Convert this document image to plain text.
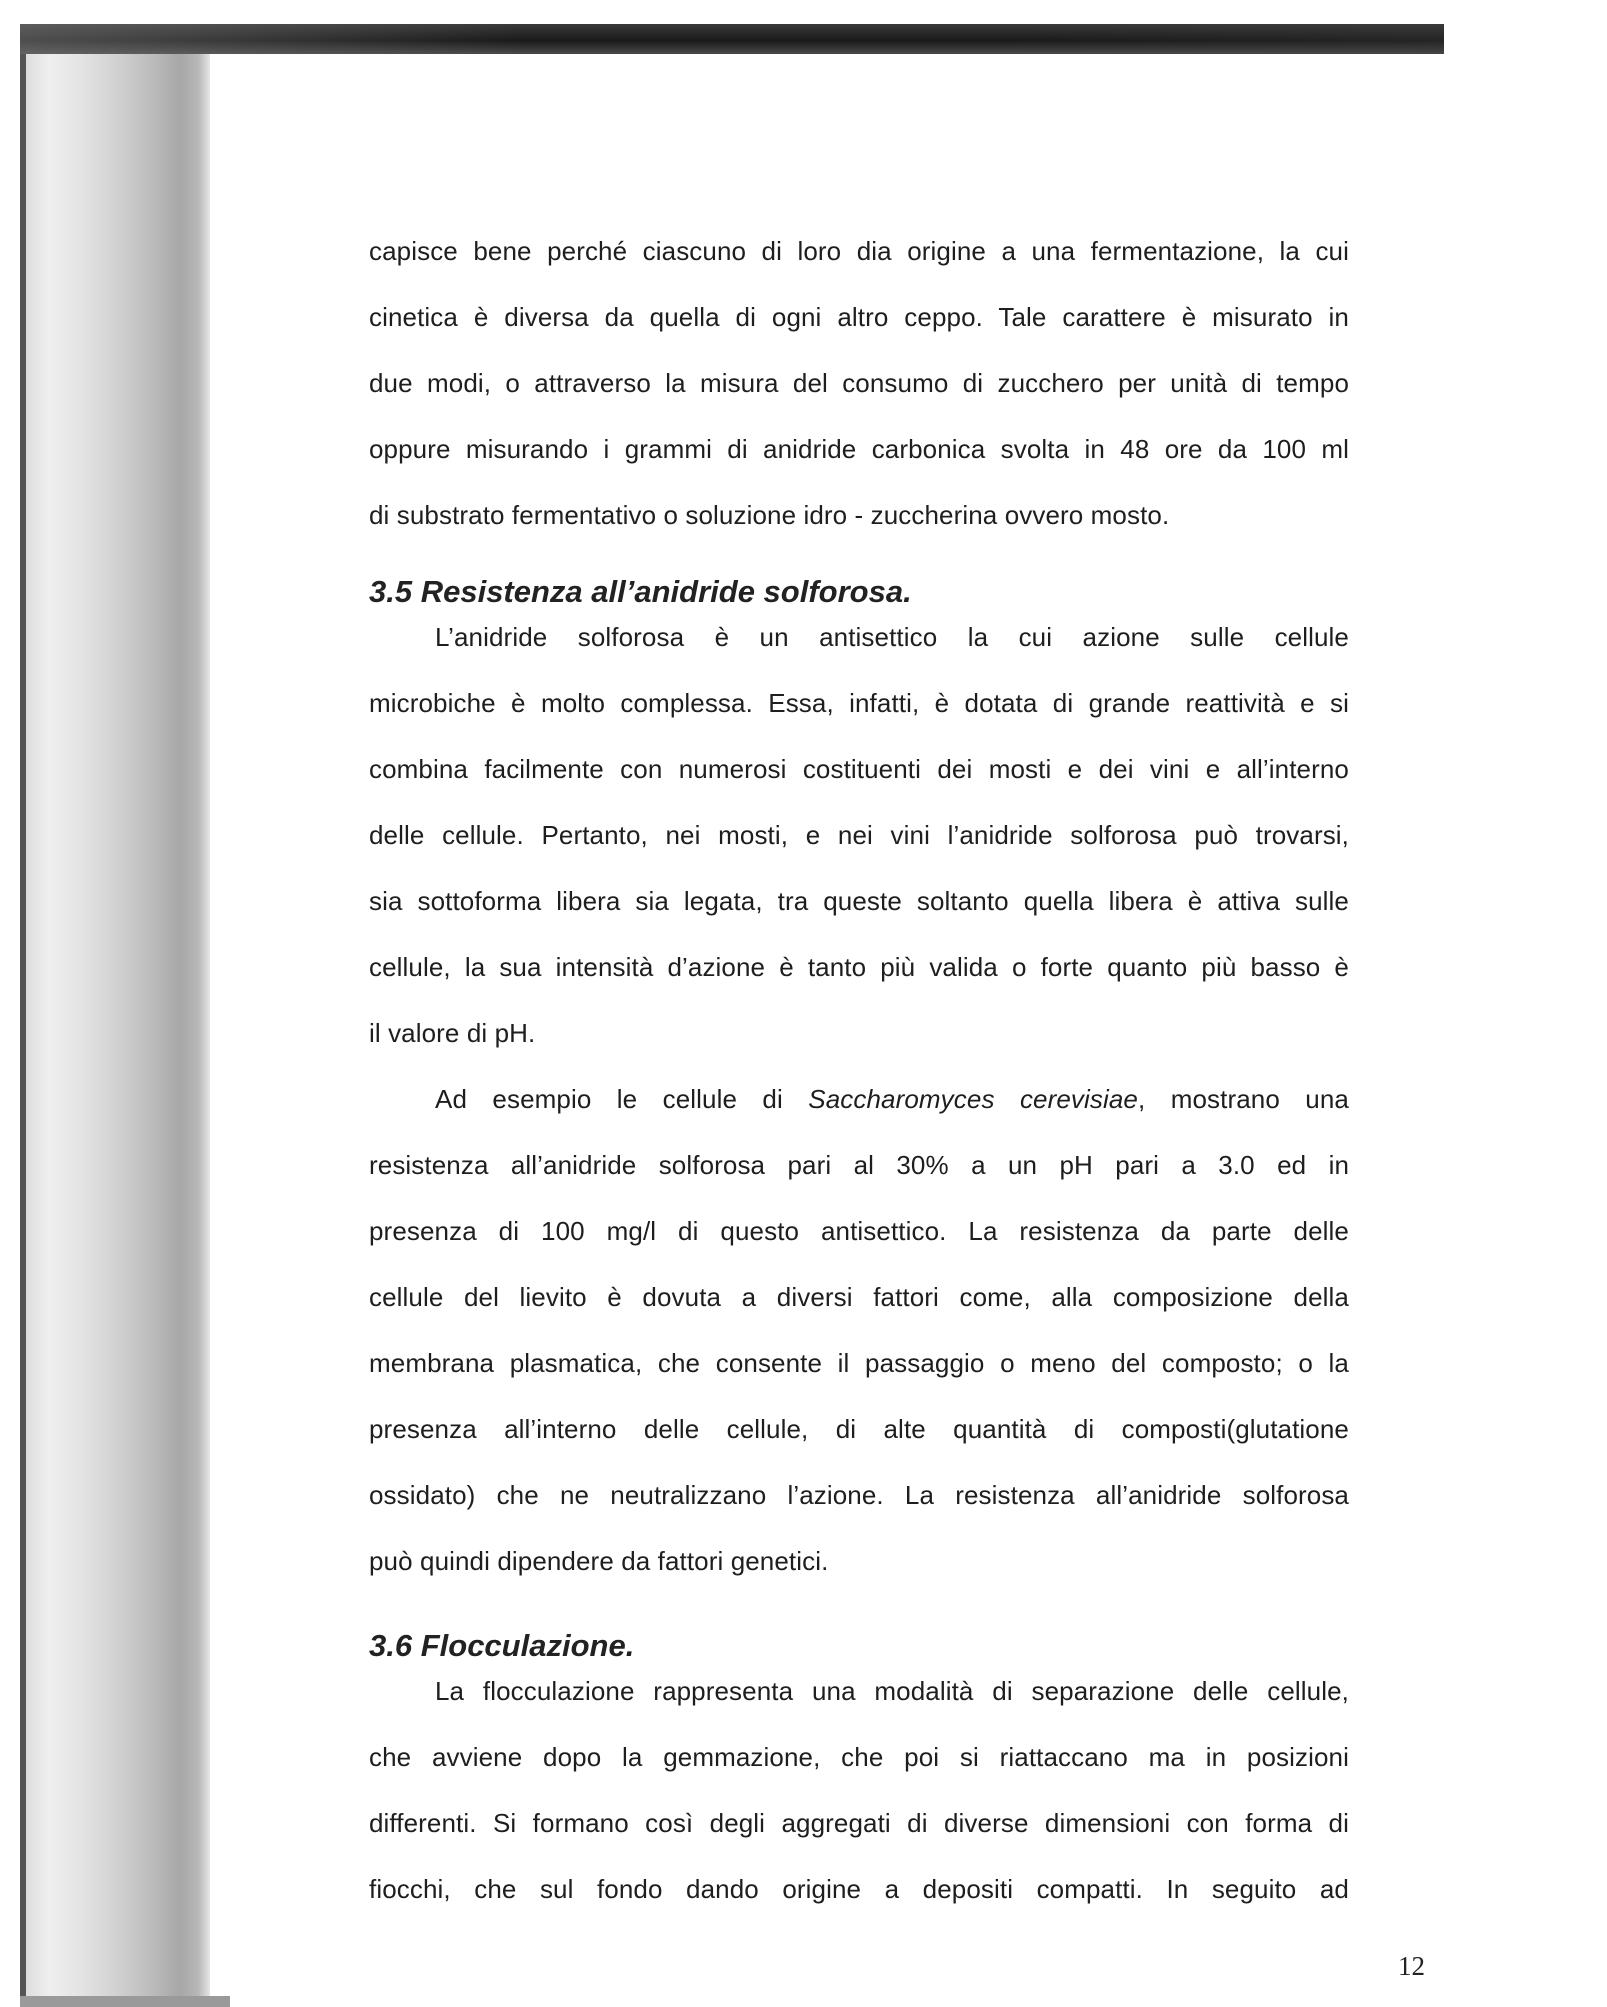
capisce bene perché ciascuno di loro dia origine a una fermentazione, la cui
cinetica è diversa da quella di ogni altro ceppo. Tale carattere è misurato in
due modi, o attraverso la misura del consumo di zucchero per unità di tempo
oppure misurando i grammi di anidride carbonica svolta in 48 ore da 100 ml
di substrato fermentativo o soluzione idro - zuccherina ovvero mosto.
3.5 Resistenza all’anidride solforosa.
L’anidride solforosa è un antisettico la cui azione sulle cellule
microbiche è molto complessa. Essa, infatti, è dotata di grande reattività e si
combina facilmente con numerosi costituenti dei mosti e dei vini e all’interno
delle cellule. Pertanto, nei mosti, e nei vini l’anidride solforosa può trovarsi,
sia sottoforma libera sia legata, tra queste soltanto quella libera è attiva sulle
cellule, la sua intensità d’azione è tanto più valida o forte quanto più basso è
il valore di pH.
Ad esempio le cellule di Saccharomyces cerevisiae, mostrano una
resistenza all’anidride solforosa pari al 30% a un pH pari a 3.0 ed in
presenza di 100 mg/l di questo antisettico. La resistenza da parte delle
cellule del lievito è dovuta a diversi fattori come, alla composizione della
membrana plasmatica, che consente il passaggio o meno del composto; o la
presenza all’interno delle cellule, di alte quantità di composti(glutatione
ossidato) che ne neutralizzano l’azione. La resistenza all’anidride solforosa
può quindi dipendere da fattori genetici.
3.6 Flocculazione.
La flocculazione rappresenta una modalità di separazione delle cellule,
che avviene dopo la gemmazione, che poi si riattaccano ma in posizioni
differenti. Si formano così degli aggregati di diverse dimensioni con forma di
fiocchi, che sul fondo dando origine a depositi compatti. In seguito ad
12
